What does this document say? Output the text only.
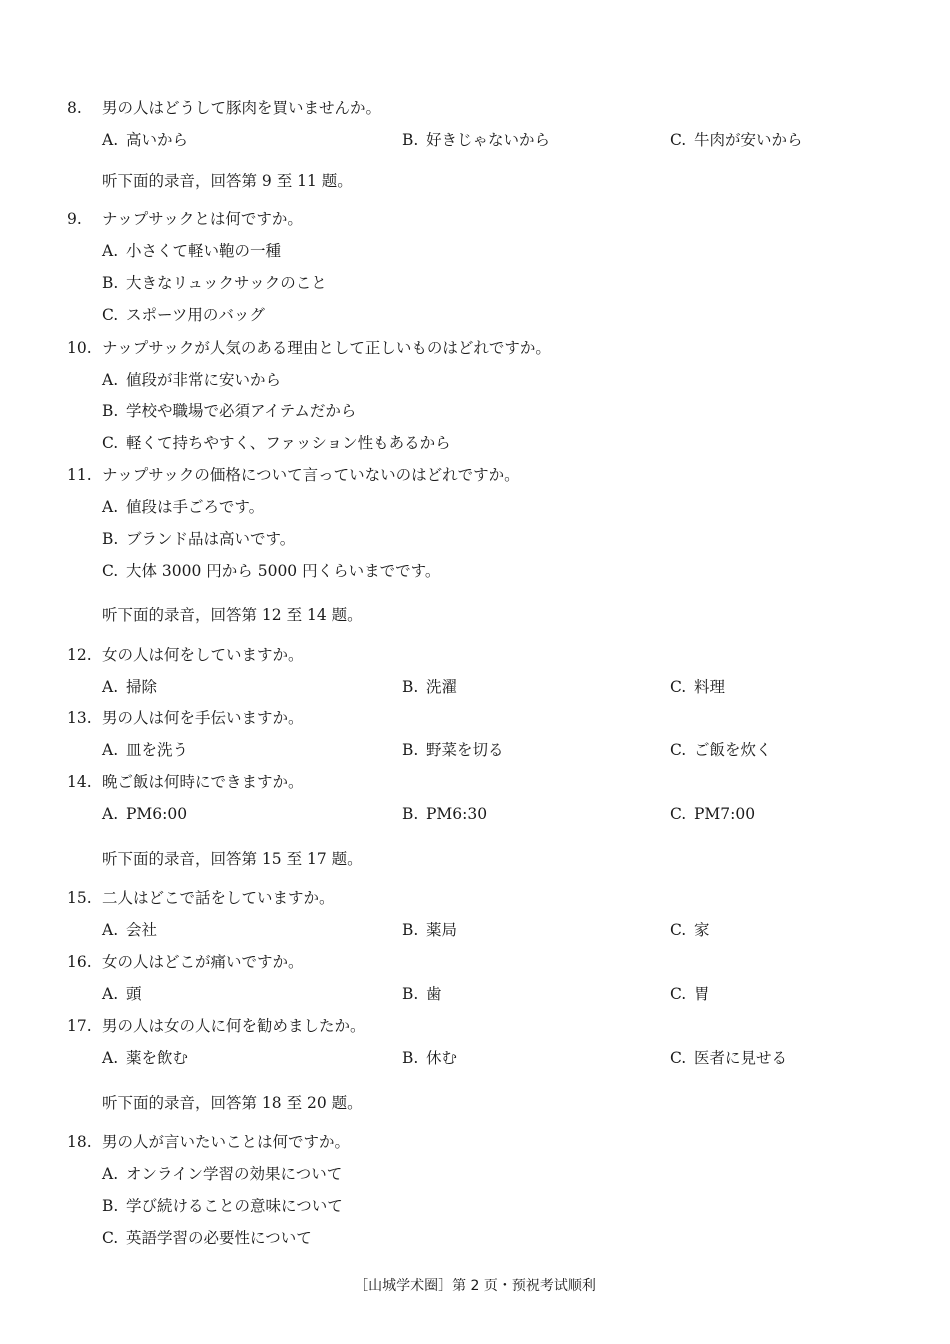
8. 男の人はどうして豚肉を買いませんか。
A. 高いから	B. 好きじゃないから	C. 牛肉が安いから
听下面的录音，回答第 9 至 11 题。
9. ナップサックとは何ですか。
A. 小さくて軽い鞄の一種
B. 大きなリュックサックのこと
C. スポーツ用のバッグ
10. ナップサックが人気のある理由として正しいものはどれですか。
A. 値段が非常に安いから
B. 学校や職場で必須アイテムだから
C. 軽くて持ちやすく、ファッション性もあるから
11. ナップサックの価格について言っていないのはどれですか。
A. 値段は手ごろです。
B. ブランド品は高いです。
C. 大体 3000 円から 5000 円くらいまでです。
听下面的录音，回答第 12 至 14 题。
12. 女の人は何をしていますか。
A. 掃除	B. 洗濯	C. 料理
13. 男の人は何を手伝いますか。
A. 皿を洗う	B. 野菜を切る	C. ご飯を炊く
14. 晩ご飯は何時にできますか。
A. PM6:00	B. PM6:30	C. PM7:00
听下面的录音，回答第 15 至 17 题。
15. 二人はどこで話をしていますか。
A. 会社	B. 薬局	C. 家
16. 女の人はどこが痛いですか。
A. 頭	B. 歯	C. 胃
17. 男の人は女の人に何を勧めましたか。
A. 薬を飲む	B. 休む	C. 医者に見せる
听下面的录音，回答第 18 至 20 题。
18. 男の人が言いたいことは何ですか。
A. オンライン学習の効果について
B. 学び続けることの意味について
C. 英語学習の必要性について
［山城学术圈］第 2 页・预祝考试顺利
